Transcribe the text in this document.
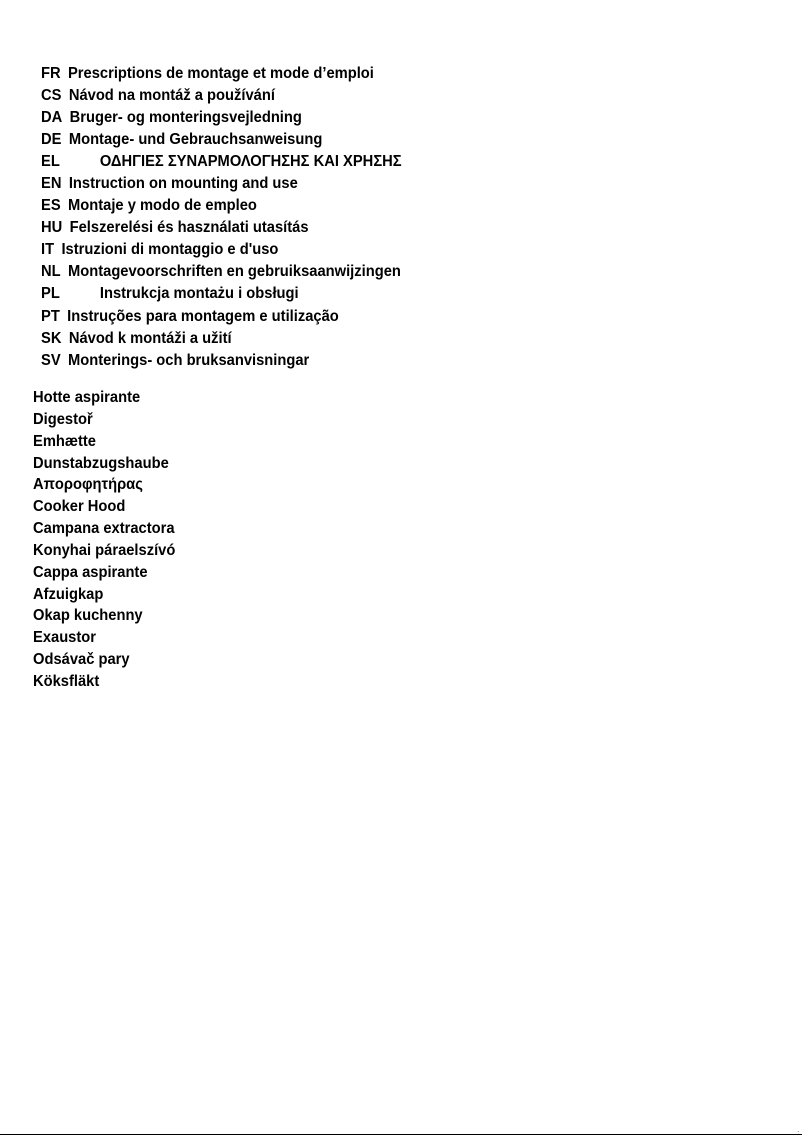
FR Prescriptions de montage et mode d’emploi
CS Návod na montáž a používání
DA Bruger- og monteringsvejledning
DE Montage- und Gebrauchsanweisung
EL	ΟΔΗΓΙΕΣ ΣΥΝΑΡΜΟΛΟΓΗΣΗΣ ΚΑΙ ΧΡΗΣΗΣ
EN Instruction on mounting and use
ES Montaje y modo de empleo
HU Felszerelési és használati utasítás
IT Istruzioni di montaggio e d'uso
NL Montagevoorschriften en gebruiksaanwijzingen
PL	Instrukcja montażu i obsługi
PT Instruções para montagem e utilização
SK Návod k montáži a užití
SV Monterings- och bruksanvisningar
Hotte aspirante
Digestoř
Emhætte
Dunstabzugshaube
Απoρoφητήρας
Cooker Hood
Campana extractora
Konyhai páraelszívó
Cappa aspirante
Afzuigkap
Okap kuchenny
Exaustor
Odsávač pary
Köksfläkt
.
